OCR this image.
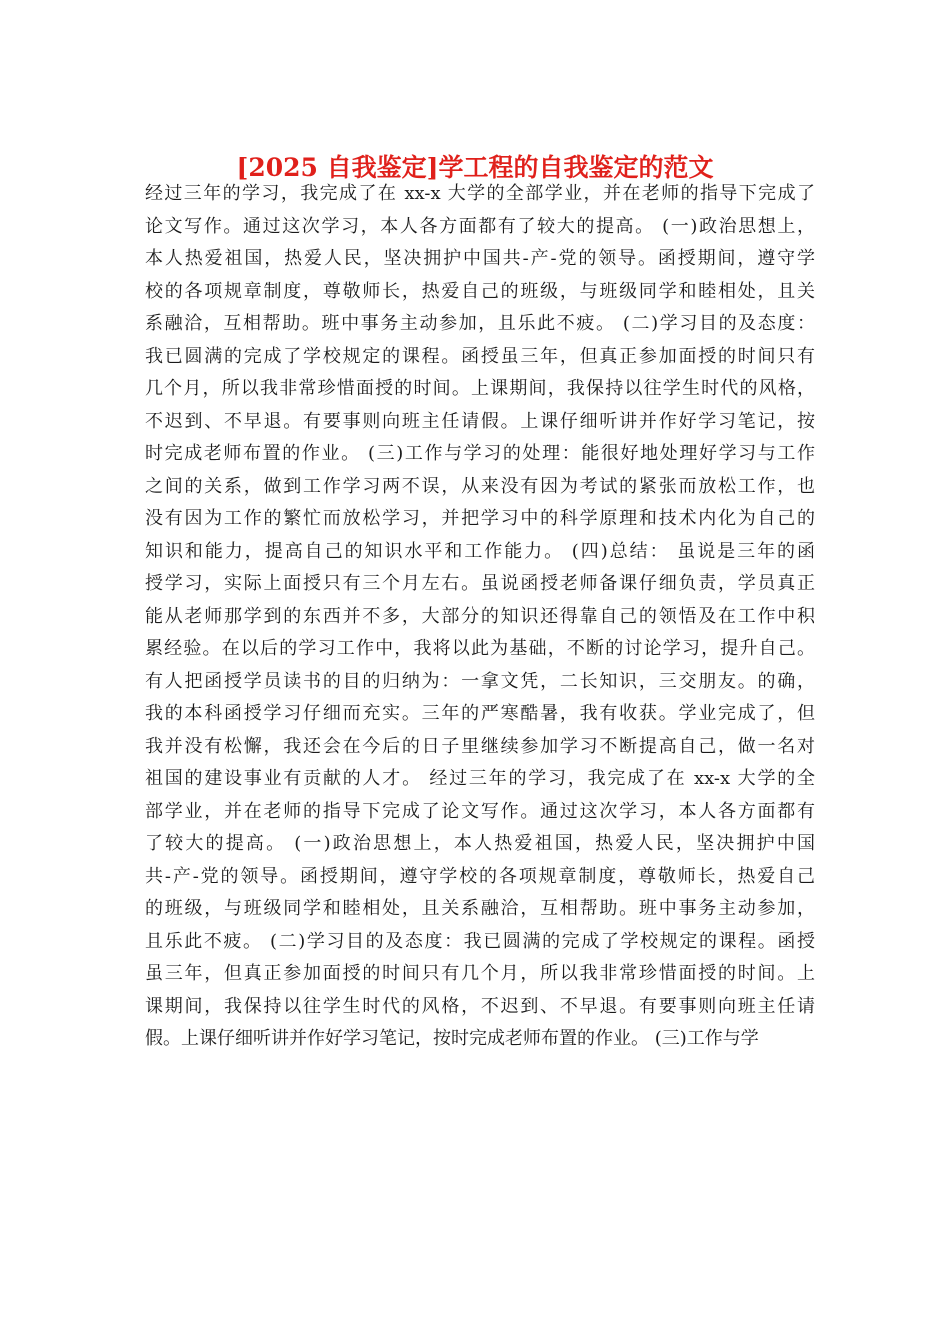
[2025 自我鉴定]学工程的自我鉴定的范文
经过三年的学习，我完成了在 xx-x 大学的全部学业，并在老师的指导下完成了
论文写作。通过这次学习，本人各方面都有了较大的提高。 (一)政治思想上，
本人热爱祖国，热爱人民，坚决拥护中国共-产-党的领导。函授期间，遵守学
校的各项规章制度，尊敬师长，热爱自己的班级，与班级同学和睦相处，且关
系融洽，互相帮助。班中事务主动参加，且乐此不疲。 (二)学习目的及态度：
我已圆满的完成了学校规定的课程。函授虽三年，但真正参加面授的时间只有
几个月，所以我非常珍惜面授的时间。上课期间，我保持以往学生时代的风格，
不迟到、不早退。有要事则向班主任请假。上课仔细听讲并作好学习笔记，按
时完成老师布置的作业。 (三)工作与学习的处理：能很好地处理好学习与工作
之间的关系，做到工作学习两不误，从来没有因为考试的紧张而放松工作，也
没有因为工作的繁忙而放松学习，并把学习中的科学原理和技术内化为自己的
知识和能力，提高自己的知识水平和工作能力。 (四)总结： 虽说是三年的函
授学习，实际上面授只有三个月左右。虽说函授老师备课仔细负责，学员真正
能从老师那学到的东西并不多，大部分的知识还得靠自己的领悟及在工作中积
累经验。在以后的学习工作中，我将以此为基础，不断的讨论学习，提升自己。
有人把函授学员读书的目的归纳为：一拿文凭，二长知识，三交朋友。的确，
我的本科函授学习仔细而充实。三年的严寒酷暑，我有收获。学业完成了，但
我并没有松懈，我还会在今后的日子里继续参加学习不断提高自己，做一名对
祖国的建设事业有贡献的人才。 经过三年的学习，我完成了在 xx-x 大学的全
部学业，并在老师的指导下完成了论文写作。通过这次学习，本人各方面都有
了较大的提高。 (一)政治思想上，本人热爱祖国，热爱人民，坚决拥护中国
共-产-党的领导。函授期间，遵守学校的各项规章制度，尊敬师长，热爱自己
的班级，与班级同学和睦相处，且关系融洽，互相帮助。班中事务主动参加，
且乐此不疲。 (二)学习目的及态度：我已圆满的完成了学校规定的课程。函授
虽三年，但真正参加面授的时间只有几个月，所以我非常珍惜面授的时间。上
课期间，我保持以往学生时代的风格，不迟到、不早退。有要事则向班主任请
假。上课仔细听讲并作好学习笔记，按时完成老师布置的作业。 (三)工作与学
